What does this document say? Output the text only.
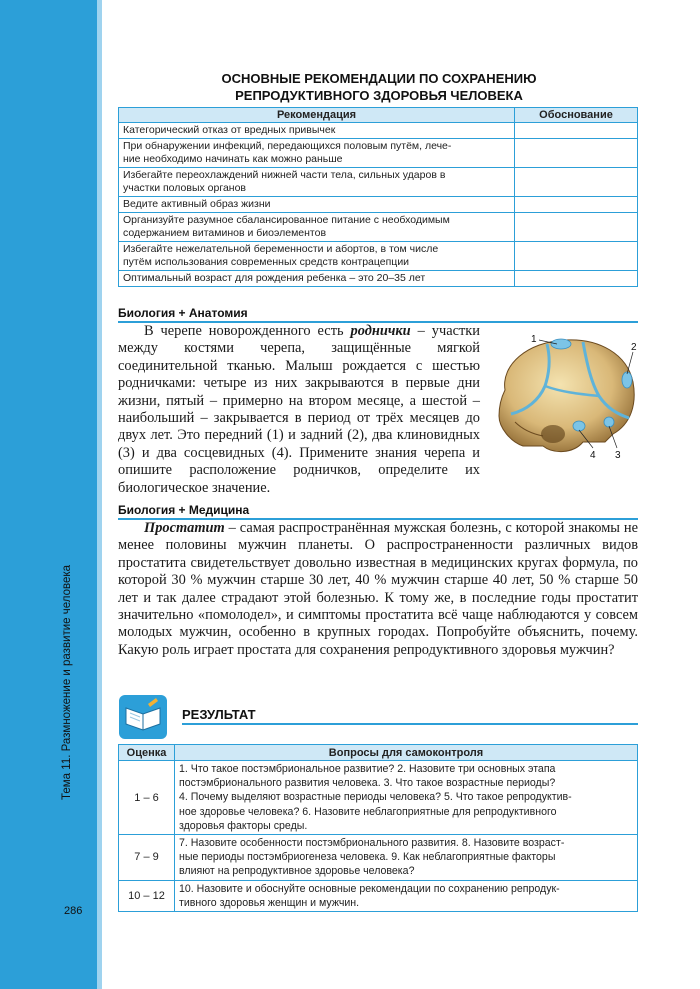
Тема 11. Размножение и развитие человека
286
ОСНОВНЫЕ РЕКОМЕНДАЦИИ ПО СОХРАНЕНИЮ
РЕПРОДУКТИВНОГО ЗДОРОВЬЯ ЧЕЛОВЕКА
Рекомендация	Обоснование

Категорический отказ от вредных привычек	

При обнаружении инфекций, передающихся половым путём, лече-
ние необходимо начинать как можно раньше	

Избегайте переохлаждений нижней части тела, сильных ударов в
участки половых органов	

Ведите активный образ жизни	

Организуйте разумное сбалансированное питание с необходимым
содержанием витаминов и биоэлементов	

Избегайте нежелательной беременности и абортов, в том числе
путём использования современных средств контрацепции	

Оптимальный возраст для рождения ребенка – это 20–35 лет	

Биология + Анатомия
1
2
4 3

В черепе новорожденного есть роднички – участки между костями черепа, защищённые мягкой соединительной тканью. Малыш рождается с шестью родничками: четыре из них закрываются в первые дни жизни, пятый – примерно на втором месяце, а шестой – наибольший – закрывается в период от трёх месяцев до двух лет. Это передний (1) и задний (2), два клиновидных (3) и два сосцевидных (4). Примените знания черепа и опишите расположение родничков, определите их биологическое значение.

Биология + Медицина

Простатит – самая распространённая мужская болезнь, с которой знакомы не менее половины мужчин планеты. О распространенности различных видов простатита свидетельствует довольно известная в медицинских кругах формула, по которой 30 % мужчин старше 30 лет, 40 % мужчин старше 40 лет, 50 % старше 50 лет и так далее страдают этой болезнью. К тому же, в последние годы простатит значительно «помолодел», и симптомы простатита всё чаще наблюдаются у совсем молодых мужчин, особенно в крупных городах. Попробуйте объяснить, почему. Какую роль играет простата для сохранения репродуктивного здоровья мужчин?

РЕЗУЛЬТАТ
Оценка	Вопросы для самоконтроля
1 – 6	1. Что такое постэмбриональное развитие? 2. Назовите три основных этапа
постэмбрионального развития человека. 3. Что такое возрастные периоды?
4. Почему выделяют возрастные периоды человека? 5. Что такое репродуктив-
ное здоровье человека? 6. Назовите неблагоприятные для репродуктивного
здоровья факторы среды.

7 – 9	7. Назовите особенности постэмбрионального развития. 8. Назовите возраст-
ные периоды постэмбриогенеза человека. 9. Как неблагоприятные факторы
влияют на репродуктивное здоровье человека?

10 – 12	10. Назовите и обоснуйте основные рекомендации по сохранению репродук-
тивного здоровья женщин и мужчин.
